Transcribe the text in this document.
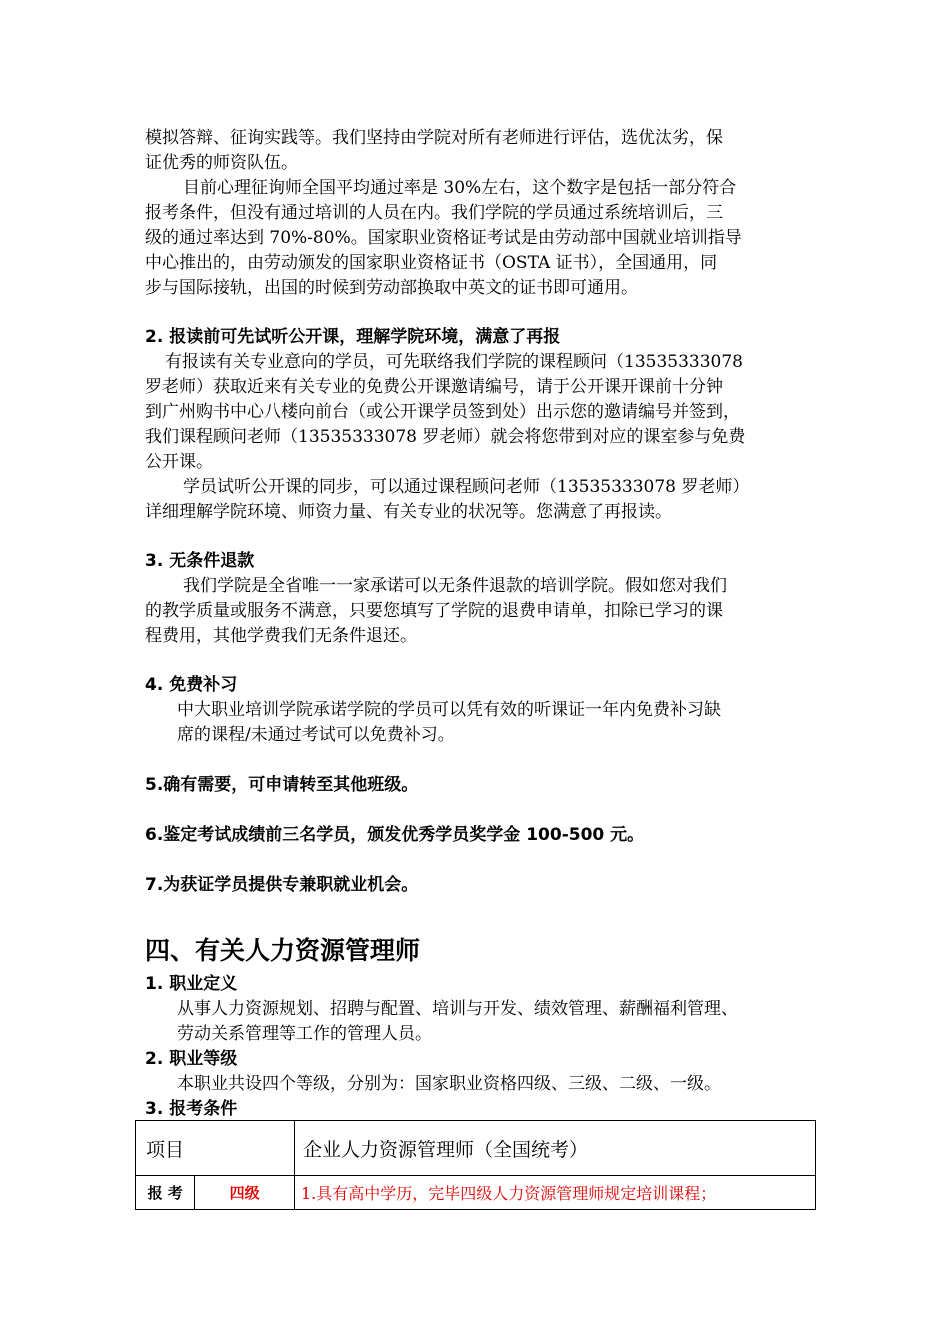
模拟答辩、征询实践等。我们坚持由学院对所有老师进行评估，选优汰劣，保
证优秀的师资队伍。
目前心理征询师全国平均通过率是 30%左右，这个数字是包括一部分符合
报考条件，但没有通过培训的人员在内。我们学院的学员通过系统培训后，三
级的通过率达到 70%-80%。国家职业资格证考试是由劳动部中国就业培训指导
中心推出的，由劳动颁发的国家职业资格证书（OSTA 证书），全国通用，同
步与国际接轨，出国的时候到劳动部换取中英文的证书即可通用。
2. 报读前可先试听公开课，理解学院环境，满意了再报
有报读有关专业意向的学员，可先联络我们学院的课程顾问（13535333078
罗老师）获取近来有关专业的免费公开课邀请编号，请于公开课开课前十分钟
到广州购书中心八楼向前台（或公开课学员签到处）出示您的邀请编号并签到，
我们课程顾问老师（13535333078 罗老师）就会将您带到对应的课室参与免费
公开课。
学员试听公开课的同步，可以通过课程顾问老师（13535333078 罗老师）
详细理解学院环境、师资力量、有关专业的状况等。您满意了再报读。
3. 无条件退款
我们学院是全省唯一一家承诺可以无条件退款的培训学院。假如您对我们
的教学质量或服务不满意，只要您填写了学院的退费申请单，扣除已学习的课
程费用，其他学费我们无条件退还。
4. 免费补习
中大职业培训学院承诺学院的学员可以凭有效的听课证一年内免费补习缺
席的课程/未通过考试可以免费补习。
5.确有需要，可申请转至其他班级。
6.鉴定考试成绩前三名学员，颁发优秀学员奖学金 100-500 元。
7.为获证学员提供专兼职就业机会。
四、有关人力资源管理师
1. 职业定义
从事人力资源规划、招聘与配置、培训与开发、绩效管理、薪酬福利管理、
劳动关系管理等工作的管理人员。
2. 职业等级
本职业共设四个等级，分别为：国家职业资格四级、三级、二级、一级。
3. 报考条件
项目		企业人力资源管理师（全国统考）
报 考	四级	1.具有高中学历，完毕四级人力资源管理师规定培训课程；
